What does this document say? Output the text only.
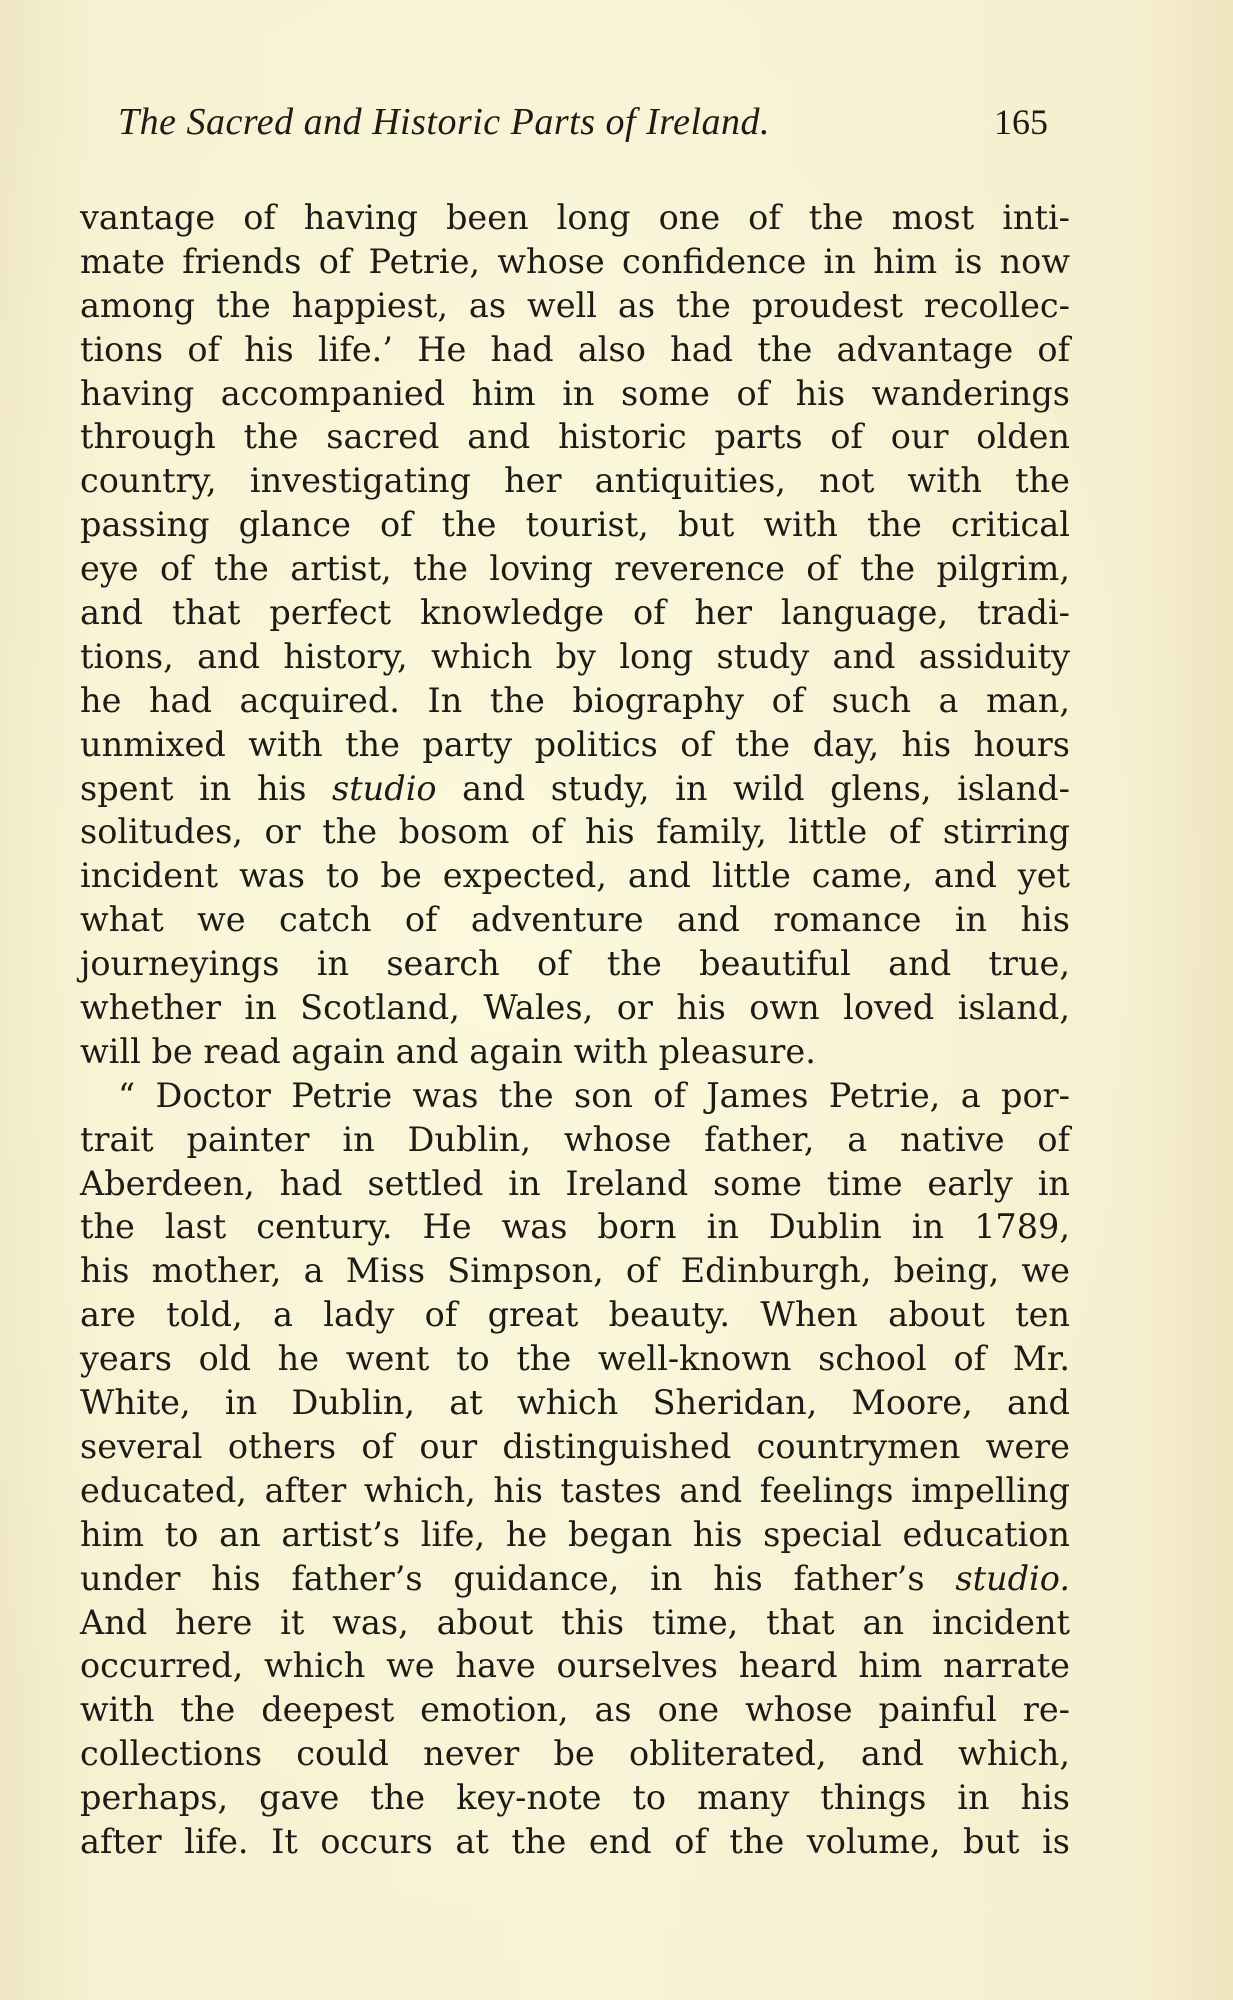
The Sacred and Historic Parts of Ireland.	165
vantage of having been long one of the most inti-
mate friends of Petrie, whose confidence in him is now
among the happiest, as well as the proudest recollec-
tions of his life.’ He had also had the advantage of
having accompanied him in some of his wanderings
through the sacred and historic parts of our olden
country, investigating her antiquities, not with the
passing glance of the tourist, but with the critical
eye of the artist, the loving reverence of the pilgrim,
and that perfect knowledge of her language, tradi-
tions, and history, which by long study and assiduity
he had acquired. In the biography of such a man,
unmixed with the party politics of the day, his hours
spent in his studio and study, in wild glens, island-
solitudes, or the bosom of his family, little of stirring
incident was to be expected, and little came, and yet
what we catch of adventure and romance in his
journeyings in search of the beautiful and true,
whether in Scotland, Wales, or his own loved island,
will be read again and again with pleasure.
“ Doctor Petrie was the son of James Petrie, a por-
trait painter in Dublin, whose father, a native of
Aberdeen, had settled in Ireland some time early in
the last century. He was born in Dublin in 1789,
his mother, a Miss Simpson, of Edinburgh, being, we
are told, a lady of great beauty. When about ten
years old he went to the well-known school of Mr.
White, in Dublin, at which Sheridan, Moore, and
several others of our distinguished countrymen were
educated, after which, his tastes and feelings impelling
him to an artist’s life, he began his special education
under his father’s guidance, in his father’s studio.
And here it was, about this time, that an incident
occurred, which we have ourselves heard him narrate
with the deepest emotion, as one whose painful re-
collections could never be obliterated, and which,
perhaps, gave the key-note to many things in his
after life. It occurs at the end of the volume, but is
